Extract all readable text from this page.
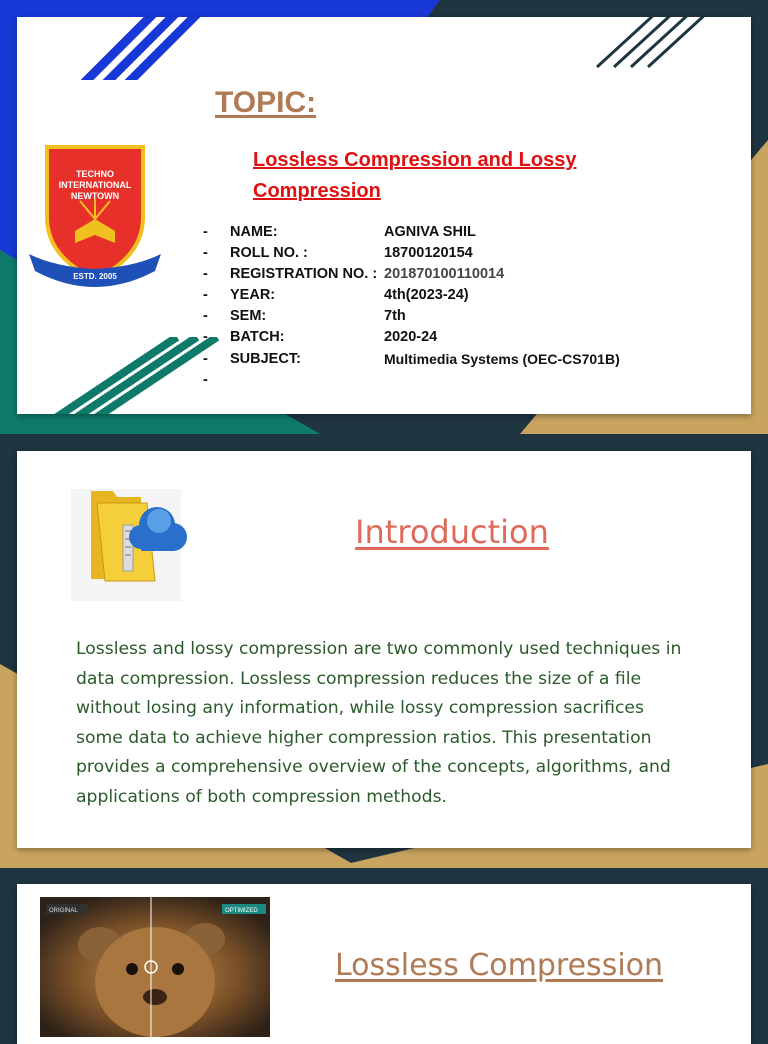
TOPIC:
Lossless Compression and Lossy Compression
TECHNO
INTERNATIONAL
NEWTOWN
ESTD. 2005
-	NAME:	AGNIVA SHIL
-	ROLL NO. :	18700120154
-	REGISTRATION NO. : 201870100110014
-	YEAR:	4th(2023-24)
-	SEM:	7th
-	BATCH:	2020-24
-	SUBJECT:	Multimedia Systems (OEC-CS701B)
-
Introduction
Lossless and lossy compression are two commonly used techniques in data compression. Lossless compression reduces the size of a file without losing any information, while lossy compression sacrifices some data to achieve higher compression ratios. This presentation provides a comprehensive overview of the concepts, algorithms, and applications of both compression methods.
ORIGINAL	OPTIMIZED
Lossless Compression
